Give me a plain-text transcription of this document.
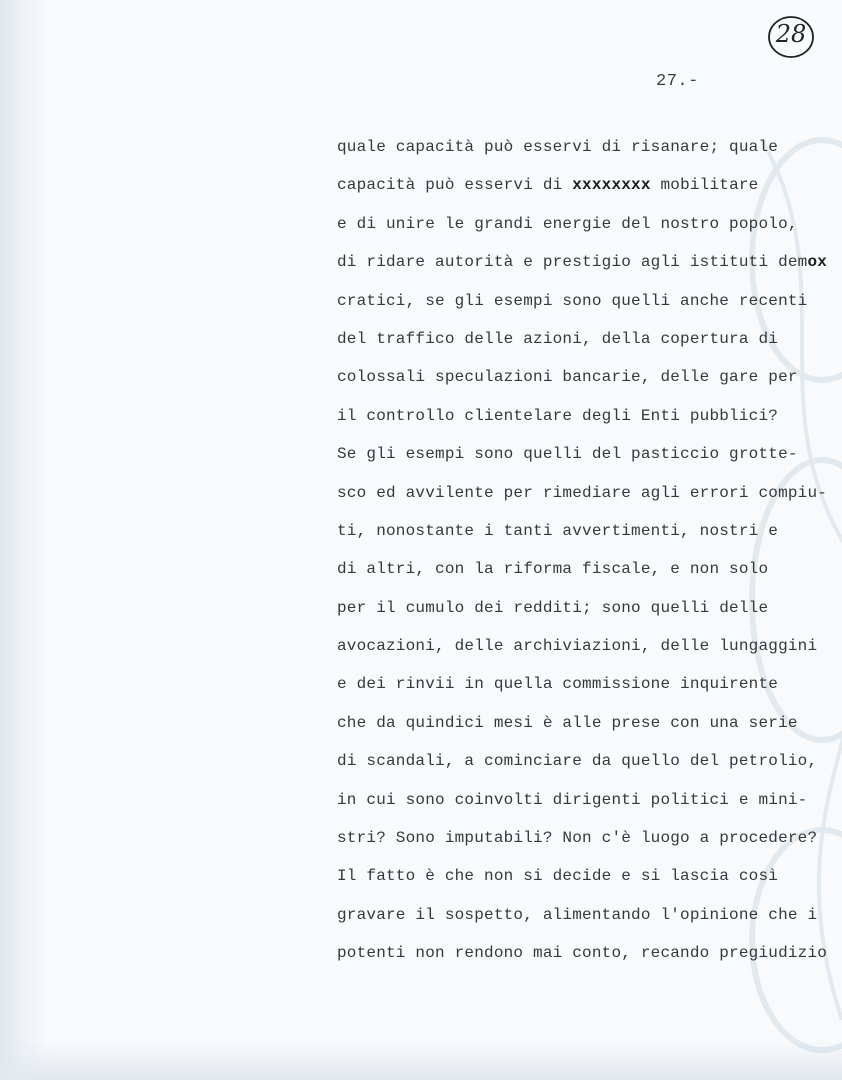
28
27.-
quale capacità può esservi di risanare; quale
capacità può esservi di xxxxxxxx mobilitare
e di unire le grandi energie del nostro popolo,
di ridare autorità e prestigio agli istituti demox
cratici, se gli esempi sono quelli anche recenti
del traffico delle azioni, della copertura di
colossali speculazioni bancarie, delle gare per
il controllo clientelare degli Enti pubblici?
Se gli esempi sono quelli del pasticcio grotte-
sco ed avvilente per rimediare agli errori compiu-
ti, nonostante i tanti avvertimenti, nostri e
di altri, con la riforma fiscale, e non solo
per il cumulo dei redditi; sono quelli delle
avocazioni, delle archiviazioni, delle lungaggini
e dei rinvii in quella commissione inquirente
che da quindici mesi è alle prese con una serie
di scandali, a cominciare da quello del petrolio,
in cui sono coinvolti dirigenti politici e mini-
stri? Sono imputabili? Non c'è luogo a procedere?
Il fatto è che non si decide e si lascia così
gravare il sospetto, alimentando l'opinione che i
potenti non rendono mai conto, recando pregiudizio
